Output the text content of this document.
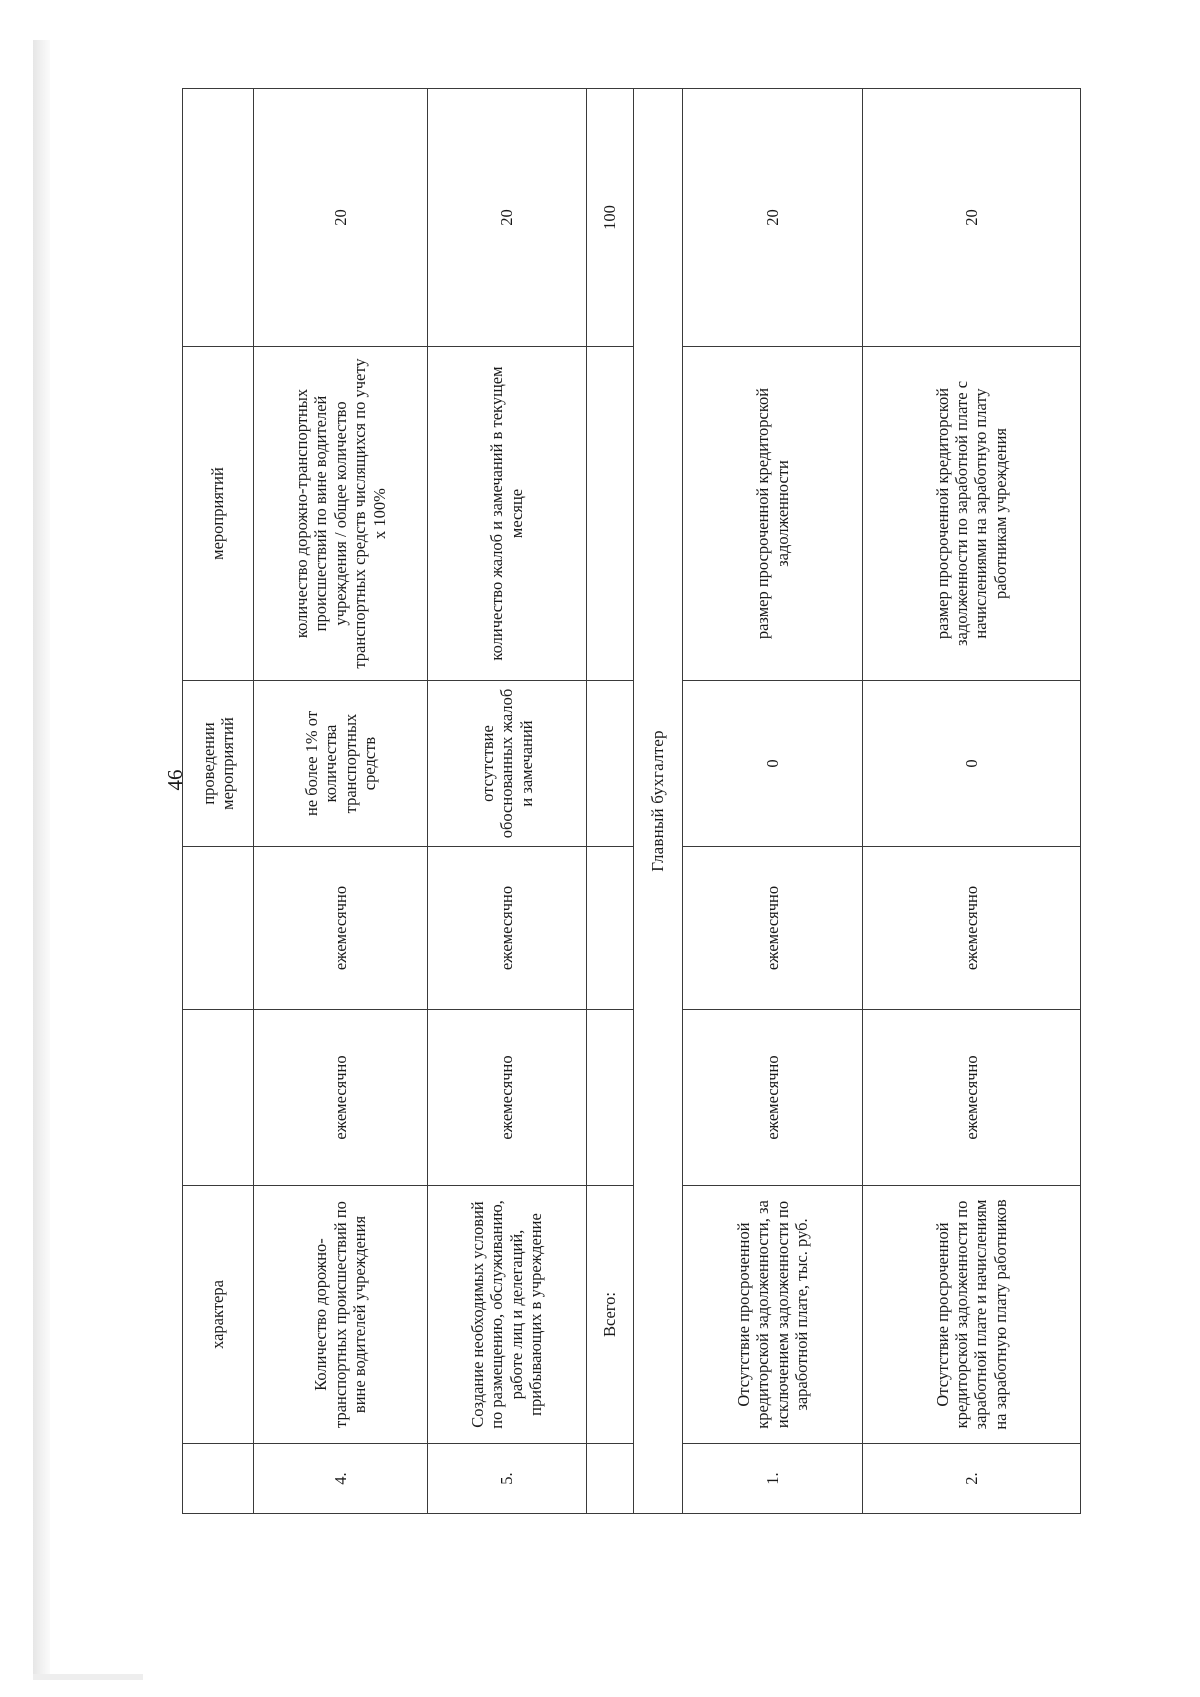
46
	характера			проведении мероприятий	мероприятий	
4.	Количество дорожно-транспортных происшествий по вине водителей учреждения	ежемесячно	ежемесячно	не более 1% от количества транспортных средств	количество дорожно-транспортных происшествий по вине водителей учреждения / общее количество транспортных средств числящихся по учету х 100%	20
5.	Создание необходимых условий по размещению, обслуживанию, работе лиц и делегаций, прибывающих в учреждение	ежемесячно	ежемесячно	отсутствие обоснованных жалоб и замечаний	количество жалоб и замечаний в текущем месяце	20
	Всего:					100
Главный бухгалтер						
1.	Отсутствие просроченной кредиторской задолженности, за исключением задолженности по заработной плате, тыс. руб.	ежемесячно	ежемесячно	0	размер просроченной кредиторской задолженности	20
2.	Отсутствие просроченной кредиторской задолженности по заработной плате и начислениям на заработную плату работников	ежемесячно	ежемесячно	0	размер просроченной кредиторской задолженности по заработной плате с начислениями на заработную плату работникам учреждения	20
